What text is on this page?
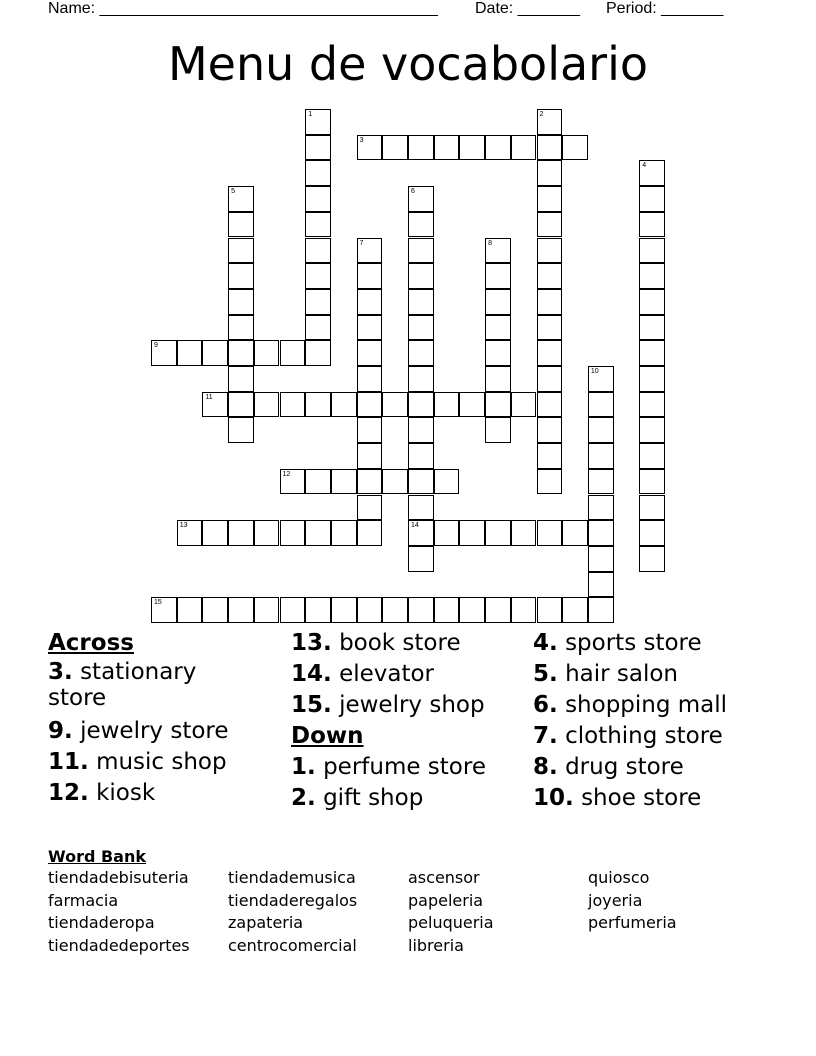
Name: ______________________________________ Date: _______ Period: _______
Menu de vocabolario
1	2
3
4
5	6
14
7	8
9
10
11
12
13
15
Across
3. stationary store
9. jewelry store
11. music shop
12. kiosk
13. book store
14. elevator
15. jewelry shop
Down
1. perfume store
2. gift shop
4. sports store
5. hair salon
6. shopping mall
7. clothing store
8. drug store
10. shoe store
Word Bank
tiendadebisuteria
farmacia
tiendaderopa
tiendadedeportes
tiendademusica
tiendaderegalos
zapateria
centrocomercial
ascensor
papeleria
peluqueria
libreria
quiosco
joyeria
perfumeria
